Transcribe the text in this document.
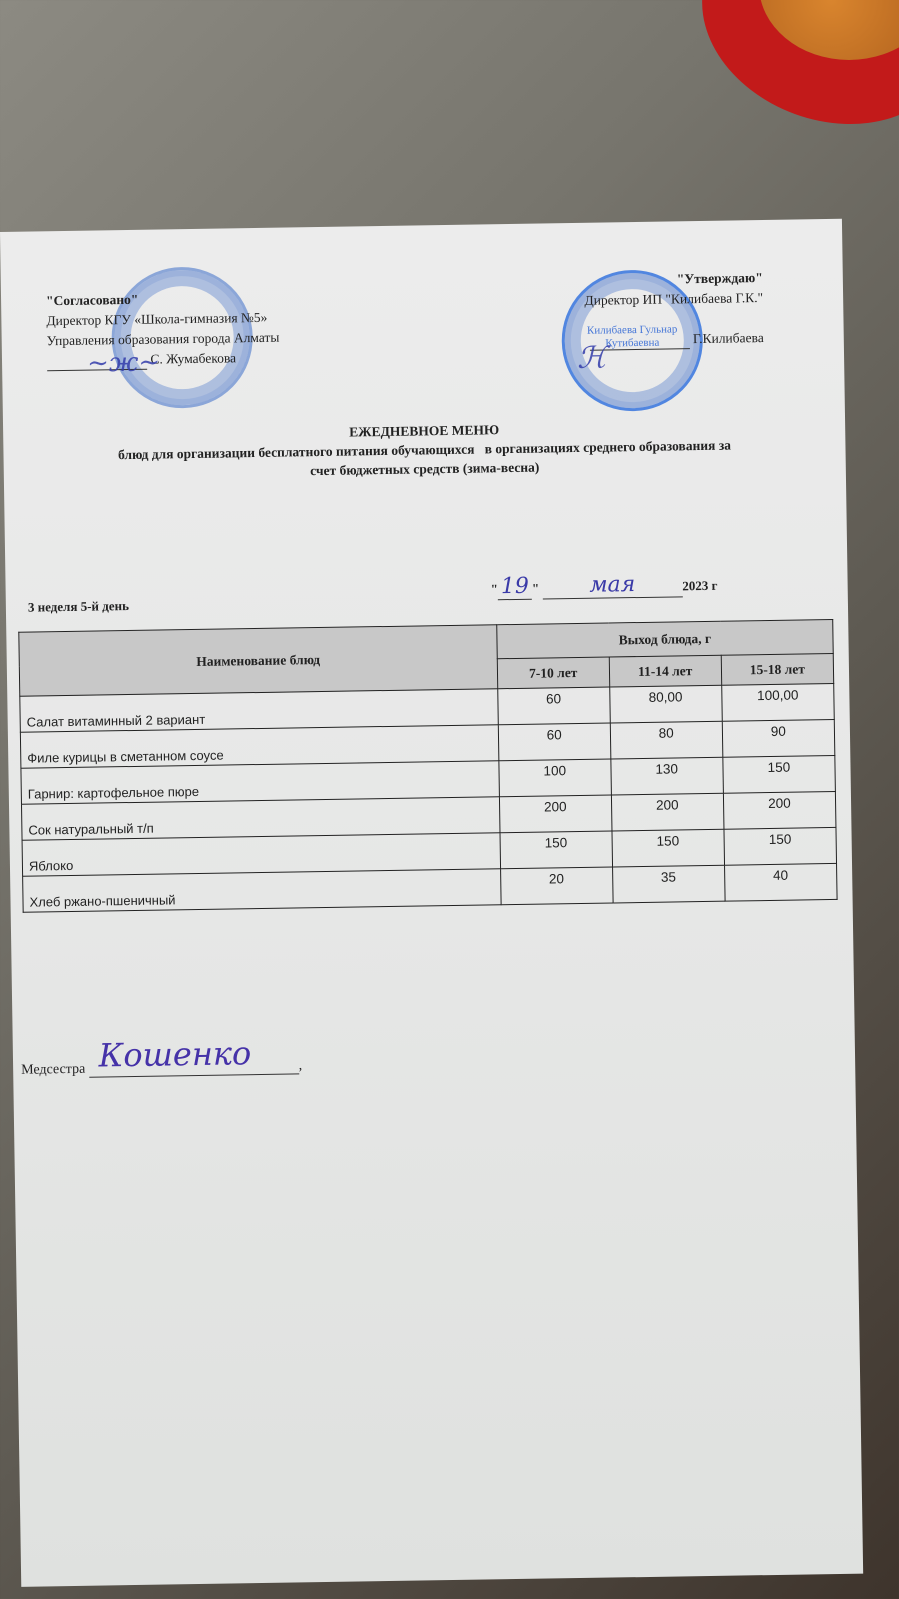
"Согласовано"
Директор КГУ «Школа-гимназия №5»
Управления образования города Алматы
С. Жумабекова
~ж~
Килибаева Гульнар Кутибаевна
"Утверждаю"
Директор ИП "Килибаева Г.К."
Г.Килибаева
ℋ
ЕЖЕДНЕВНОЕ МЕНЮ
блюд для организации бесплатного питания обучающихся   в организациях среднего образования за
счет бюджетных средств (зима-весна)
3 неделя 5-й день
" 19 " мая	2023 г
Наименование блюд	Выход блюда, г		
	7-10 лет	11-14 лет	15-18 лет
Салат витаминный 2 вариант	60	80,00	100,00
Филе курицы в сметанном соусе	60	80	90
Гарнир: картофельное пюре	100	130	150
Сок натуральный т/п	200	200	200
Яблоко	150	150	150
Хлеб ржано-пшеничный	20	35	40
Медсестра Кошенко	,
